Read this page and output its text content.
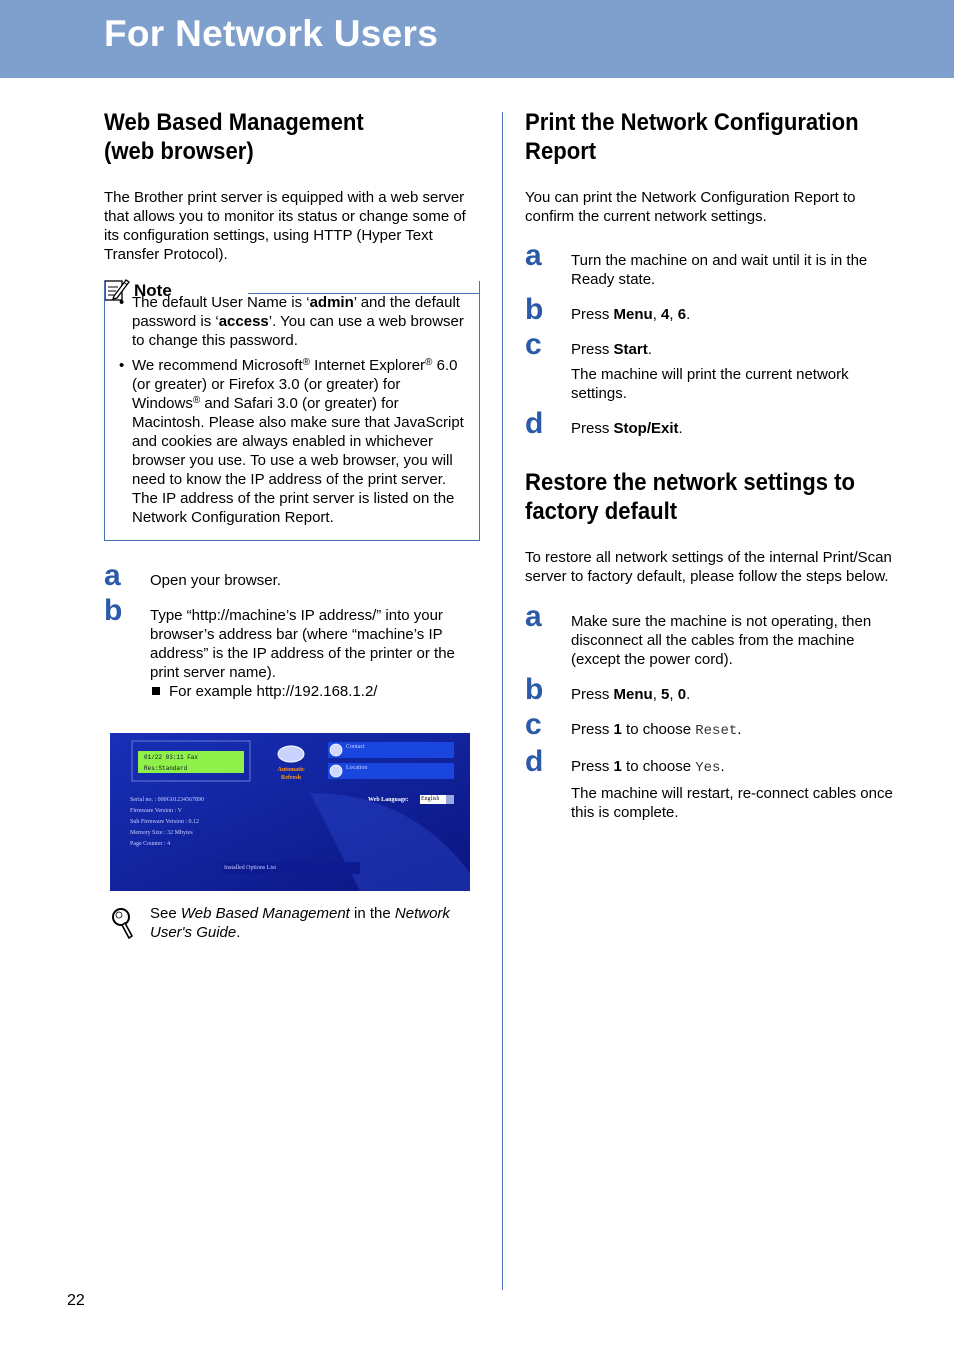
For Network Users
Web Based Management
(web browser)

The Brother print server is equipped with a web server that allows you to monitor its status or change some of its configuration settings, using HTTP (Hyper Text Transfer Protocol).

Note
• The default User Name is ‘admin’ and the default password is ‘access’. You can use a web browser to change this password.
• We recommend Microsoft® Internet Explorer® 6.0 (or greater) or Firefox 3.0 (or greater) for Windows® and Safari 3.0 (or greater) for Macintosh. Please also make sure that JavaScript and cookies are always enabled in whichever browser you use. To use a web browser, you will need to know the IP address of the print server. The IP address of the print server is listed on the Network Configuration Report.
a Open your browser.

b Type “http://machine’s IP address/” into your browser’s address bar (where “machine’s IP address” is the IP address of the printer or the print server name).

For example http://192.168.1.2/
01/22 03:11 Fax
Res:Standard	Automatic Refresh
Contact
Location
Web Language: English
Serial no. : 000G01234567890
Firmware Version : V
Sub Firmware Version : 0.12
Memory Size : 32 Mbytes
Page Counter : 4
Installed Options List

See Web Based Management in the Network User's Guide.

Print the Network Configuration
Report

You can print the Network Configuration Report to confirm the current network settings.

a Turn the machine on and wait until it is in the Ready state.

b Press Menu, 4, 6.

c Press Start.

The machine will print the current network settings.

d Press Stop/Exit.

Restore the network settings to
factory default

To restore all network settings of the internal Print/Scan server to factory default, please follow the steps below.

a Make sure the machine is not operating, then disconnect all the cables from the machine (except the power cord).

b Press Menu, 5, 0.

c Press 1 to choose Reset.

d Press 1 to choose Yes.

The machine will restart, re-connect cables once this is complete.

22
